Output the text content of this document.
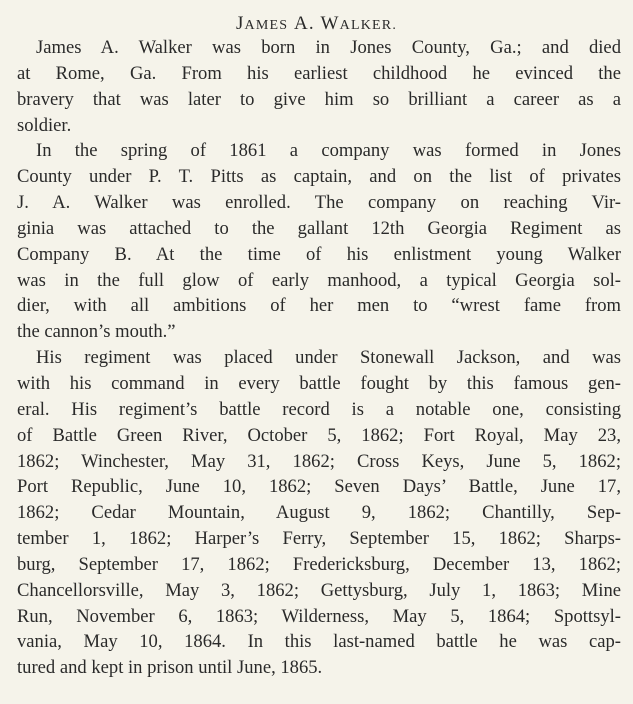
JAMES A. WALKER.
James A. Walker was born in Jones County, Ga.; and died
at Rome, Ga. From his earliest childhood he evinced the
bravery that was later to give him so brilliant a career as a
soldier.
In the spring of 1861 a company was formed in Jones
County under P. T. Pitts as captain, and on the list of privates
J. A. Walker was enrolled. The company on reaching Vir-
ginia was attached to the gallant 12th Georgia Regiment as
Company B. At the time of his enlistment young Walker
was in the full glow of early manhood, a typical Georgia sol-
dier, with all ambitions of her men to “wrest fame from
the cannon’s mouth.”
His regiment was placed under Stonewall Jackson, and was
with his command in every battle fought by this famous gen-
eral. His regiment’s battle record is a notable one, consisting
of Battle Green River, October 5, 1862; Fort Royal, May 23,
1862; Winchester, May 31, 1862; Cross Keys, June 5, 1862;
Port Republic, June 10, 1862; Seven Days’ Battle, June 17,
1862; Cedar Mountain, August 9, 1862; Chantilly, Sep-
tember 1, 1862; Harper’s Ferry, September 15, 1862; Sharps-
burg, September 17, 1862; Fredericksburg, December 13, 1862;
Chancellorsville, May 3, 1862; Gettysburg, July 1, 1863; Mine
Run, November 6, 1863; Wilderness, May 5, 1864; Spottsyl-
vania, May 10, 1864. In this last-named battle he was cap-
tured and kept in prison until June, 1865.
